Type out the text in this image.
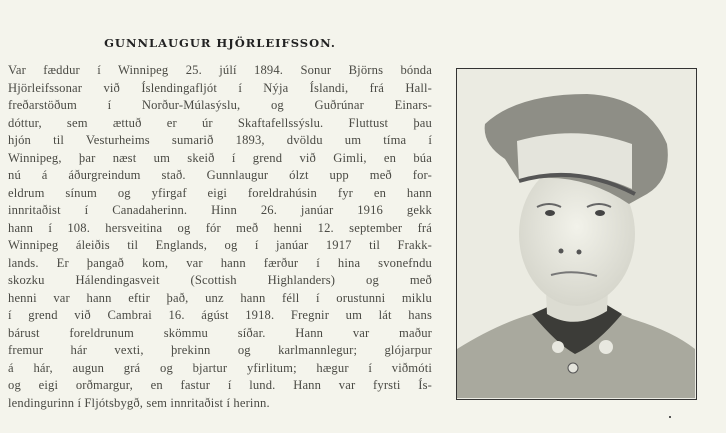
GUNNLAUGUR HJÖRLEIFSSON.
Var fæddur í Winnipeg 25. júlí 1894. Sonur Björns bónda
Hjörleifssonar við Íslendingafljót í Nýja Íslandi, frá Hall-
freðarstöðum í Norður-Múlasýslu, og Guðrúnar Einars-
dóttur, sem ættuð er úr Skaftafellssýslu. Fluttust þau
hjón til Vesturheims sumarið 1893, dvöldu um tíma í
Winnipeg, þar næst um skeið í grend við Gimli, en búa
nú á áðurgreindum stað. Gunnlaugur ólzt upp með for-
eldrum sínum og yfirgaf eigi foreldrahúsin fyr en hann
innritaðist í Canadaherinn. Hinn 26. janúar 1916 gekk
hann í 108. hersveitina og fór með henni 12. september frá
Winnipeg áleiðis til Englands, og í janúar 1917 til Frakk-
lands. Er þangað kom, var hann færður í hina svonefndu
skozku Hálendingasveit (Scottish Highlanders) og með
henni var hann eftir það, unz hann féll í orustunni miklu
í grend við Cambrai 16. ágúst 1918. Fregnir um lát hans
bárust foreldrunum skömmu síðar. Hann var maður
fremur hár vexti, þrekinn og karlmannlegur; glójarpur
á hár, augun grá og bjartur yfirlitum; hægur í viðmóti
og eigi orðmargur, en fastur í lund. Hann var fyrsti Ís-
lendingurinn í Fljótsbygð, sem innritaðist í herinn.
